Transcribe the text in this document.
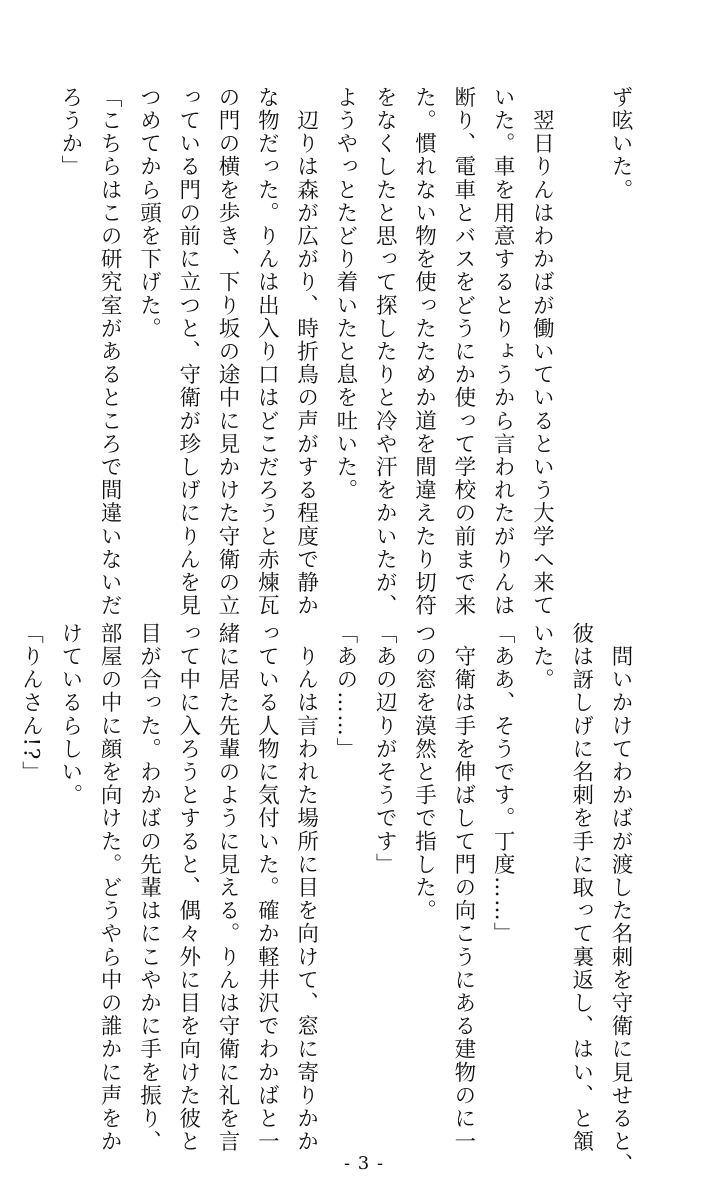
ず呟いた。

　翌日りんはわかばが働いているという大学へ来て
いた。車を用意するとりょうから言われたがりんは
断り、電車とバスをどうにか使って学校の前まで来
た。慣れない物を使ったためか道を間違えたり切符
をなくしたと思って探したりと冷や汗をかいたが、
ようやっとたどり着いたと息を吐いた。
　辺りは森が広がり、時折鳥の声がする程度で静か
な物だった。りんは出入り口はどこだろうと赤煉瓦
の門の横を歩き、下り坂の途中に見かけた守衛の立
っている門の前に立つと、守衛が珍しげにりんを見
つめてから頭を下げた。
「こちらはこの研究室があるところで間違いないだ
ろうか」
　問いかけてわかばが渡した名刺を守衛に見せると、
彼は訝しげに名刺を手に取って裏返し、はい、と頷
いた。
「ああ、そうです。丁度……」
　守衛は手を伸ばして門の向こうにある建物のに一
つの窓を漠然と手で指した。
「あの辺りがそうです」
「あの……」
　りんは言われた場所に目を向けて、窓に寄りかか
っている人物に気付いた。確か軽井沢でわかばと一
緒に居た先輩のように見える。りんは守衛に礼を言
って中に入ろうとすると、偶々外に目を向けた彼と
目が合った。わかばの先輩はにこやかに手を振り、
部屋の中に顔を向けた。どうやら中の誰かに声をか
けているらしい。
「りんさん!?」
- 3 -
